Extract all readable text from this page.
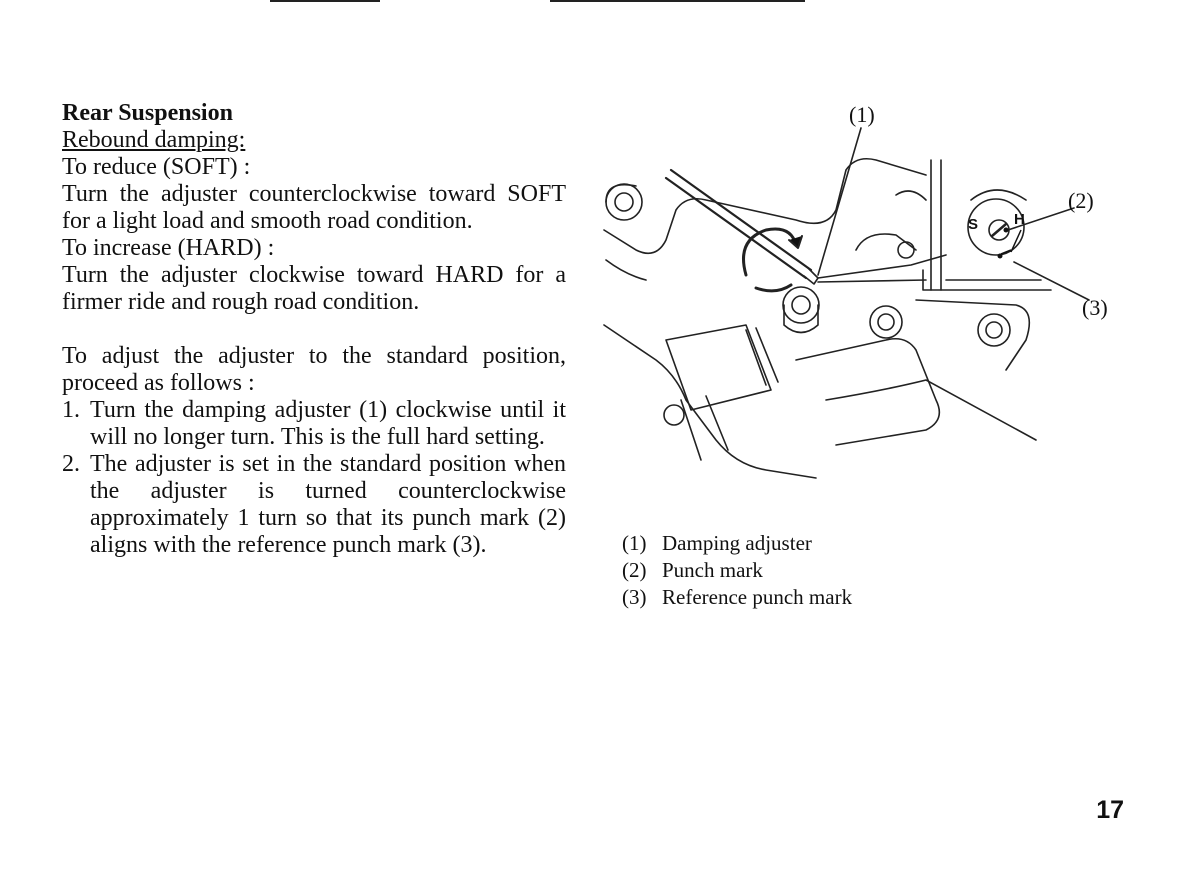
Rear Suspension

Rebound damping:

To reduce (SOFT) :

Turn the adjuster counterclockwise toward SOFT for a light load and smooth road condition.

To increase (HARD) :

Turn the adjuster clockwise toward HARD for a firmer ride and rough road condition.

To adjust the adjuster to the standard position, proceed as follows :

1. Turn the damping adjuster (1) clockwise until it will no longer turn. This is the full hard setting.
2. The adjuster is set in the standard position when the adjuster is turned counterclockwise approximately 1 turn so that its punch mark (2) aligns with the reference punch mark (3).
(1)
(2)
(3)
S H
(1) Damping adjuster
(2) Punch mark
(3) Reference punch mark
17
